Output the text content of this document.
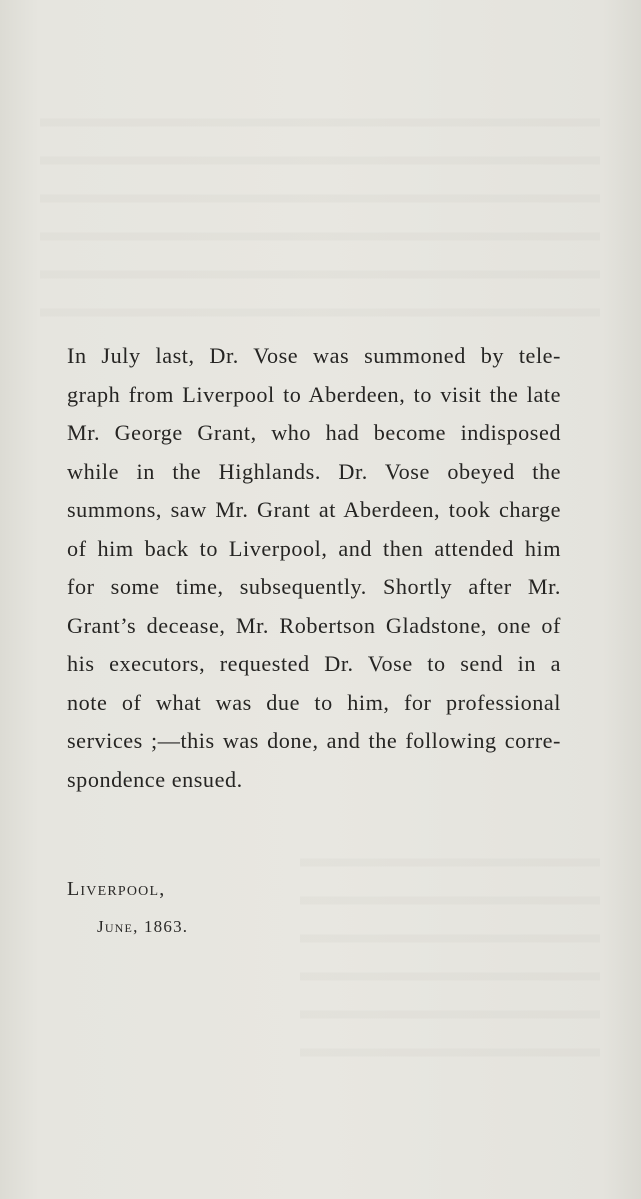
In July last, Dr. Vose was summoned by tele-
graph from Liverpool to Aberdeen, to visit the late
Mr. George Grant, who had become indisposed
while in the Highlands. Dr. Vose obeyed the
summons, saw Mr. Grant at Aberdeen, took charge
of him back to Liverpool, and then attended him
for some time, subsequently. Shortly after Mr.
Grant’s decease, Mr. Robertson Gladstone, one of
his executors, requested Dr. Vose to send in a
note of what was due to him, for professional
services ;—this was done, and the following corre-
spondence ensued.
Liverpool,
June, 1863.
